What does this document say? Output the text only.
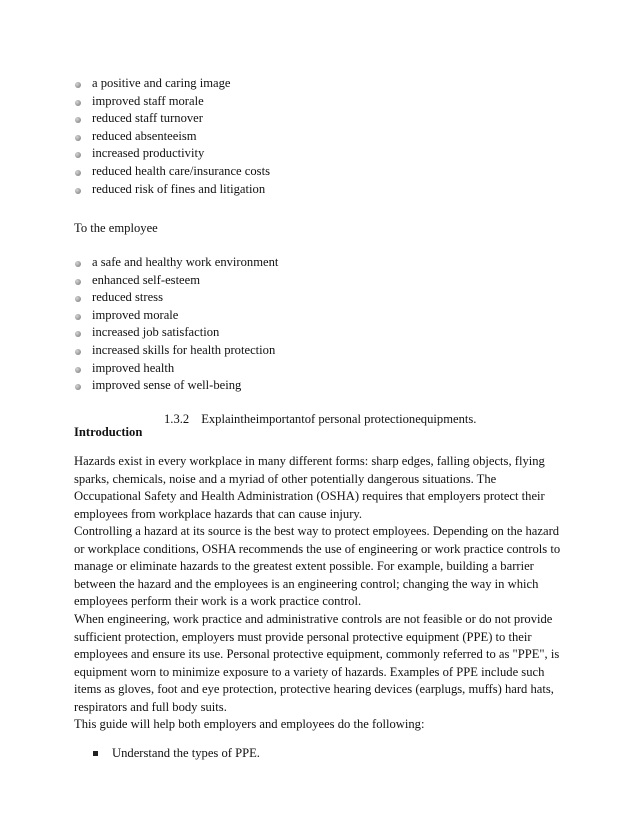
a positive and caring image
improved staff morale
reduced staff turnover
reduced absenteeism
increased productivity
reduced health care/insurance costs
reduced risk of fines and litigation
To the employee
a safe and healthy work environment
enhanced self-esteem
reduced stress
improved morale
increased job satisfaction
increased skills for health protection
improved health
improved sense of well-being
1.3.2 Explaintheimportantof personal protectionequipments.
Introduction
Hazards exist in every workplace in many different forms: sharp edges, falling objects, flying sparks, chemicals, noise and a myriad of other potentially dangerous situations. The Occupational Safety and Health Administration (OSHA) requires that employers protect their employees from workplace hazards that can cause injury.
Controlling a hazard at its source is the best way to protect employees. Depending on the hazard or workplace conditions, OSHA recommends the use of engineering or work practice controls to manage or eliminate hazards to the greatest extent possible. For example, building a barrier between the hazard and the employees is an engineering control; changing the way in which employees perform their work is a work practice control.
When engineering, work practice and administrative controls are not feasible or do not provide sufficient protection, employers must provide personal protective equipment (PPE) to their employees and ensure its use. Personal protective equipment, commonly referred to as "PPE", is equipment worn to minimize exposure to a variety of hazards. Examples of PPE include such items as gloves, foot and eye protection, protective hearing devices (earplugs, muffs) hard hats, respirators and full body suits.
This guide will help both employers and employees do the following:
Understand the types of PPE.
